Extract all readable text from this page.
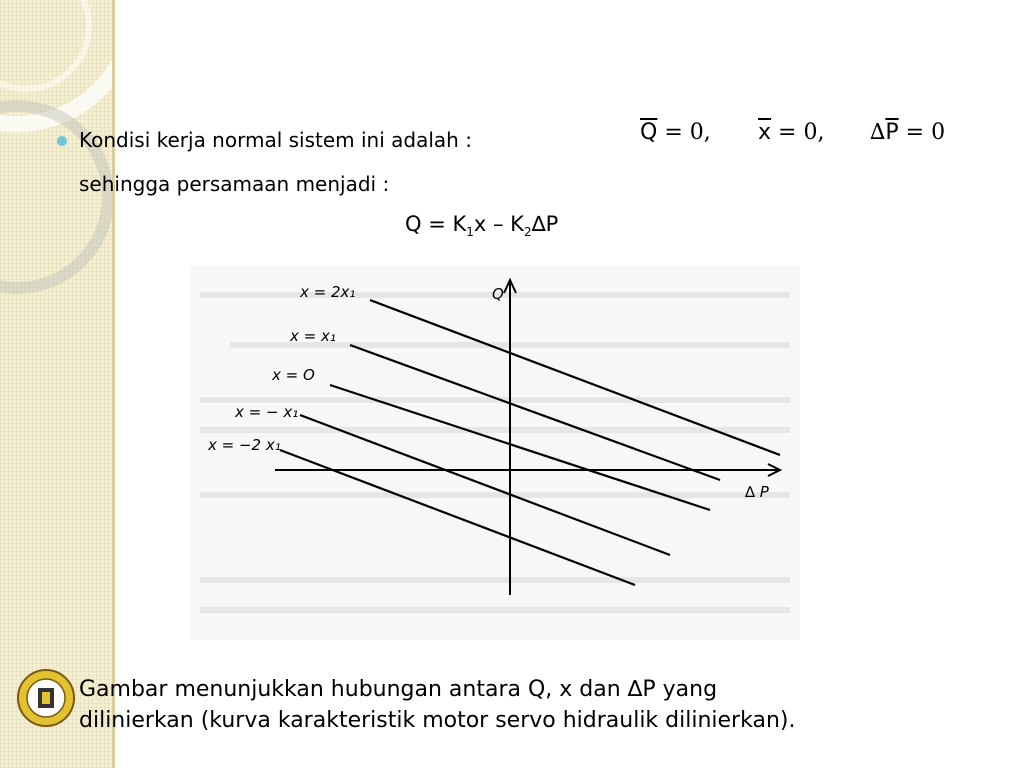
Kondisi kerja normal sistem ini adalah :
sehingga persamaan menjadi :
$\overline{Q} = 0$, $\overline{x} = 0$, $\Delta\overline{P} = 0$
$Q = K_1x - K_2\Delta P$
Q
∆ P
x = 2x₁
x = x₁
x = O
x = − x₁
x = −2 x₁
Gambar menunjukkan hubungan antara Q, x dan ∆P yang
dilinierkan (kurva karakteristik motor servo hidraulik dilinierkan).
